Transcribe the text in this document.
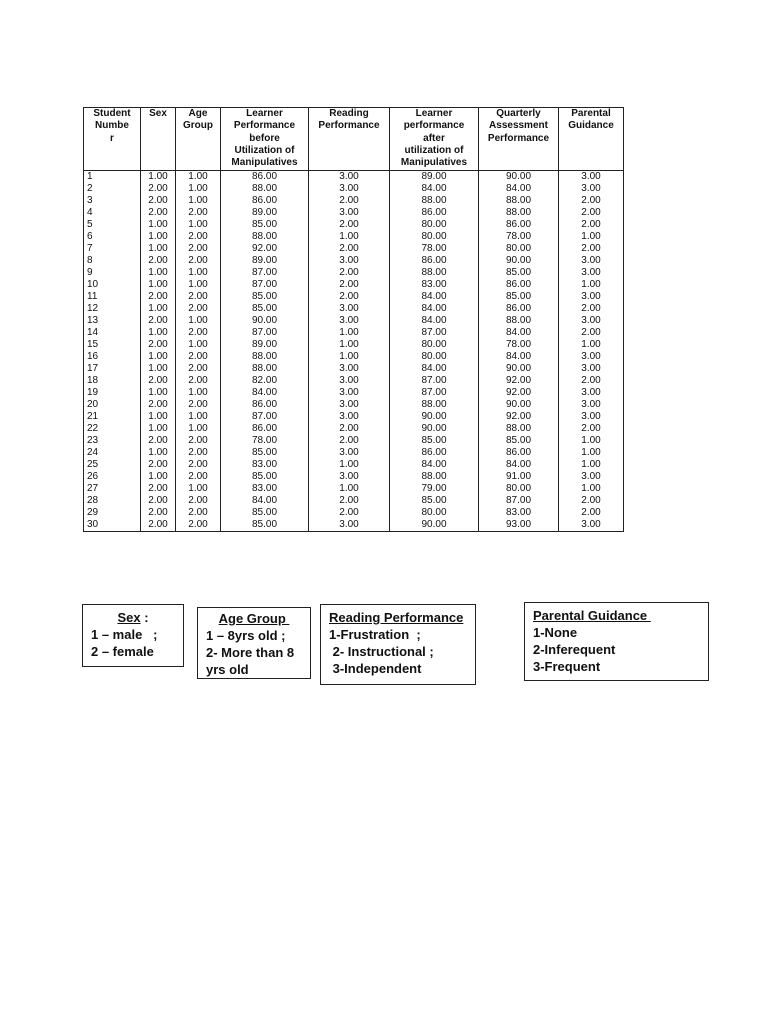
Student
Numbe
r	Sex	Age
Group	Learner
Performance
before
Utilization of
Manipulatives	Reading
Performance	Learner
performance
after
utilization of
Manipulatives	Quarterly
Assessment
Performance	Parental
Guidance
1	1.00	1.00	86.00	3.00	89.00	90.00	3.00
2	2.00	1.00	88.00	3.00	84.00	84.00	3.00
3	2.00	1.00	86.00	2.00	88.00	88.00	2.00
4	2.00	2.00	89.00	3.00	86.00	88.00	2.00
5	1.00	1.00	85.00	2.00	80.00	86.00	2.00
6	1.00	2.00	88.00	1.00	80.00	78.00	1.00
7	1.00	2.00	92.00	2.00	78.00	80.00	2.00
8	2.00	2.00	89.00	3.00	86.00	90.00	3.00
9	1.00	1.00	87.00	2.00	88.00	85.00	3.00
10	1.00	1.00	87.00	2.00	83.00	86.00	1.00
11	2.00	2.00	85.00	2.00	84.00	85.00	3.00
12	1.00	2.00	85.00	3.00	84.00	86.00	2.00
13	2.00	1.00	90.00	3.00	84.00	88.00	3.00
14	1.00	2.00	87.00	1.00	87.00	84.00	2.00
15	2.00	1.00	89.00	1.00	80.00	78.00	1.00
16	1.00	2.00	88.00	1.00	80.00	84.00	3.00
17	1.00	2.00	88.00	3.00	84.00	90.00	3.00
18	2.00	2.00	82.00	3.00	87.00	92.00	2.00
19	1.00	1.00	84.00	3.00	87.00	92.00	3.00
20	2.00	2.00	86.00	3.00	88.00	90.00	3.00
21	1.00	1.00	87.00	3.00	90.00	92.00	3.00
22	1.00	1.00	86.00	2.00	90.00	88.00	2.00
23	2.00	2.00	78.00	2.00	85.00	85.00	1.00
24	1.00	2.00	85.00	3.00	86.00	86.00	1.00
25	2.00	2.00	83.00	1.00	84.00	84.00	1.00
26	1.00	2.00	85.00	3.00	88.00	91.00	3.00
27	2.00	1.00	83.00	1.00	79.00	80.00	1.00
28	2.00	2.00	84.00	2.00	85.00	87.00	2.00
29	2.00	2.00	85.00	2.00	80.00	83.00	2.00
30	2.00	2.00	85.00	3.00	90.00	93.00	3.00
Sex :
1 – male   ;
2 – female
Age Group
1 – 8yrs old ;
2- More than 8
yrs old
Reading Performance
1-Frustration  ;
2- Instructional ;
3-Independent
Parental Guidance
1-None
2-Inferequent
3-Frequent
